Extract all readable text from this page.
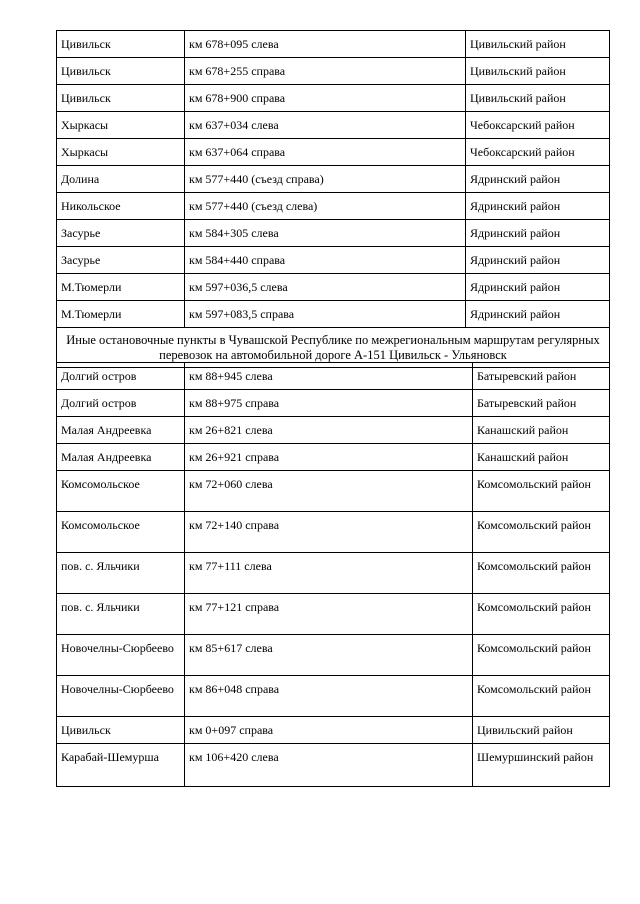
Цивильск	км 678+095 слева	Цивильский район
Цивильск	км 678+255 справа	Цивильский район
Цивильск	км 678+900 справа	Цивильский район
Хыркасы	км 637+034 слева	Чебоксарский район
Хыркасы	км 637+064 справа	Чебоксарский район
Долина	км 577+440 (съезд справа)	Ядринский район
Никольское	км 577+440 (съезд слева)	Ядринский район
Засурье	км 584+305 слева	Ядринский район
Засурье	км 584+440 справа	Ядринский район
М.Тюмерли	км 597+036,5 слева	Ядринский район
М.Тюмерли	км 597+083,5 справа	Ядринский район
Иные остановочные пункты в Чувашской Республике по межрегиональным маршрутам регулярных перевозок на автомобильной дороге А-151 Цивильск - Ульяновск		
Долгий остров	км 88+945 слева	Батыревский район
Долгий остров	км 88+975 справа	Батыревский район
Малая Андреевка	км 26+821 слева	Канашский район
Малая Андреевка	км 26+921 справа	Канашский район
Комсомольское	км 72+060 слева	Комсомольский район
Комсомольское	км 72+140 справа	Комсомольский район
пов. с. Яльчики	км 77+111 слева	Комсомольский район
пов. с. Яльчики	км 77+121 справа	Комсомольский район
Новочелны-Сюрбеево	км 85+617 слева	Комсомольский район
Новочелны-Сюрбеево	км 86+048 справа	Комсомольский район
Цивильск	км 0+097 справа	Цивильский район
Карабай-Шемурша	км 106+420 слева	Шемуршинский район
